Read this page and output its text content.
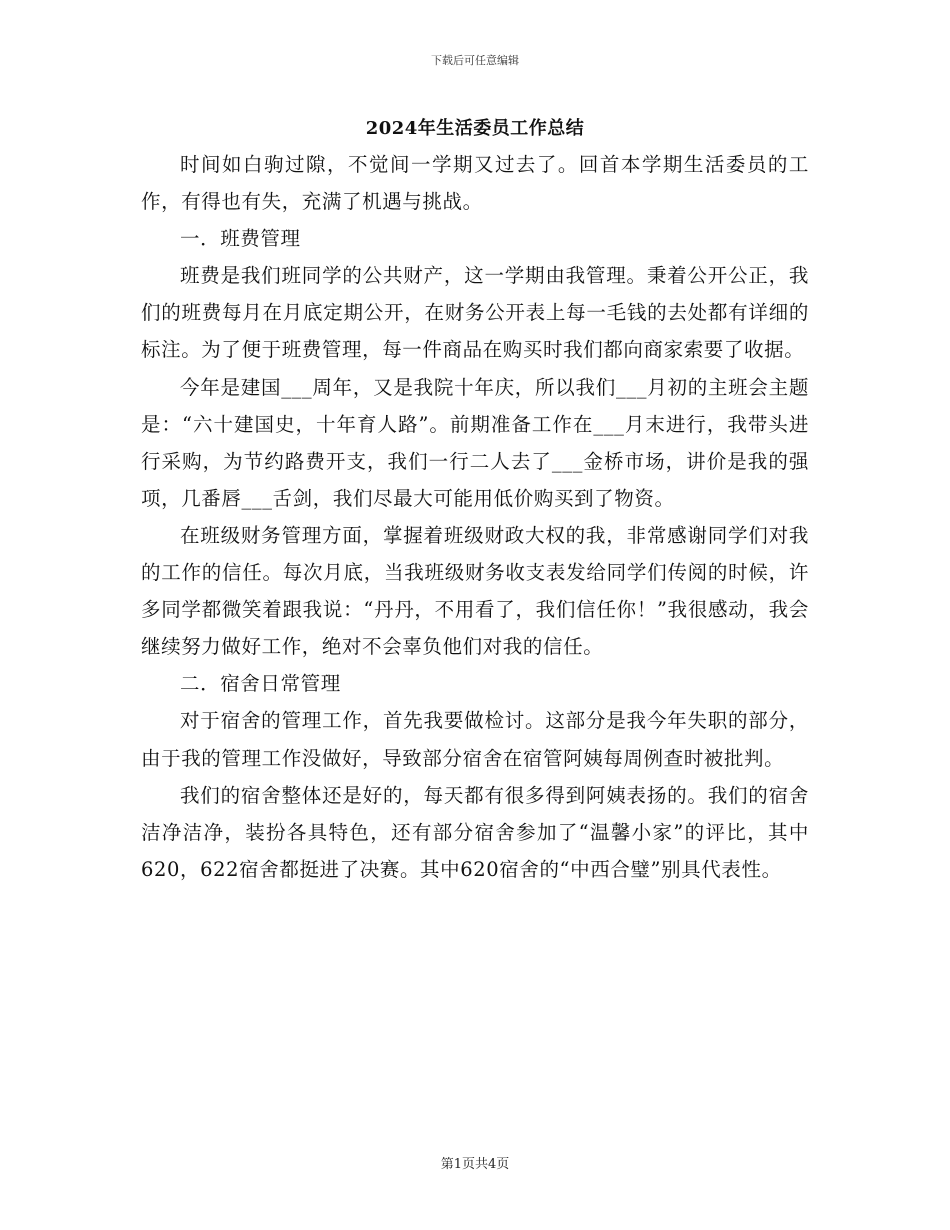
下载后可任意编辑
2024年生活委员工作总结

时间如白驹过隙，不觉间一学期又过去了。回首本学期生活委员的工作，有得也有失，充满了机遇与挑战。

一．班费管理

班费是我们班同学的公共财产，这一学期由我管理。秉着公开公正，我们的班费每月在月底定期公开，在财务公开表上每一毛钱的去处都有详细的标注。为了便于班费管理，每一件商品在购买时我们都向商家索要了收据。

今年是建国___周年，又是我院十年庆，所以我们___月初的主班会主题是：“六十建国史，十年育人路”。前期准备工作在___月末进行，我带头进行采购，为节约路费开支，我们一行二人去了___金桥市场，讲价是我的强项，几番唇___舌剑，我们尽最大可能用低价购买到了物资。

在班级财务管理方面，掌握着班级财政大权的我，非常感谢同学们对我的工作的信任。每次月底，当我班级财务收支表发给同学们传阅的时候，许多同学都微笑着跟我说：“丹丹，不用看了，我们信任你！”我很感动，我会继续努力做好工作，绝对不会辜负他们对我的信任。

二．宿舍日常管理

对于宿舍的管理工作，首先我要做检讨。这部分是我今年失职的部分，由于我的管理工作没做好，导致部分宿舍在宿管阿姨每周例查时被批判。

我们的宿舍整体还是好的，每天都有很多得到阿姨表扬的。我们的宿舍洁净洁净，装扮各具特色，还有部分宿舍参加了“温馨小家”的评比，其中620，622宿舍都挺进了决赛。其中620宿舍的“中西合璧”别具代表性。

第1页共4页
